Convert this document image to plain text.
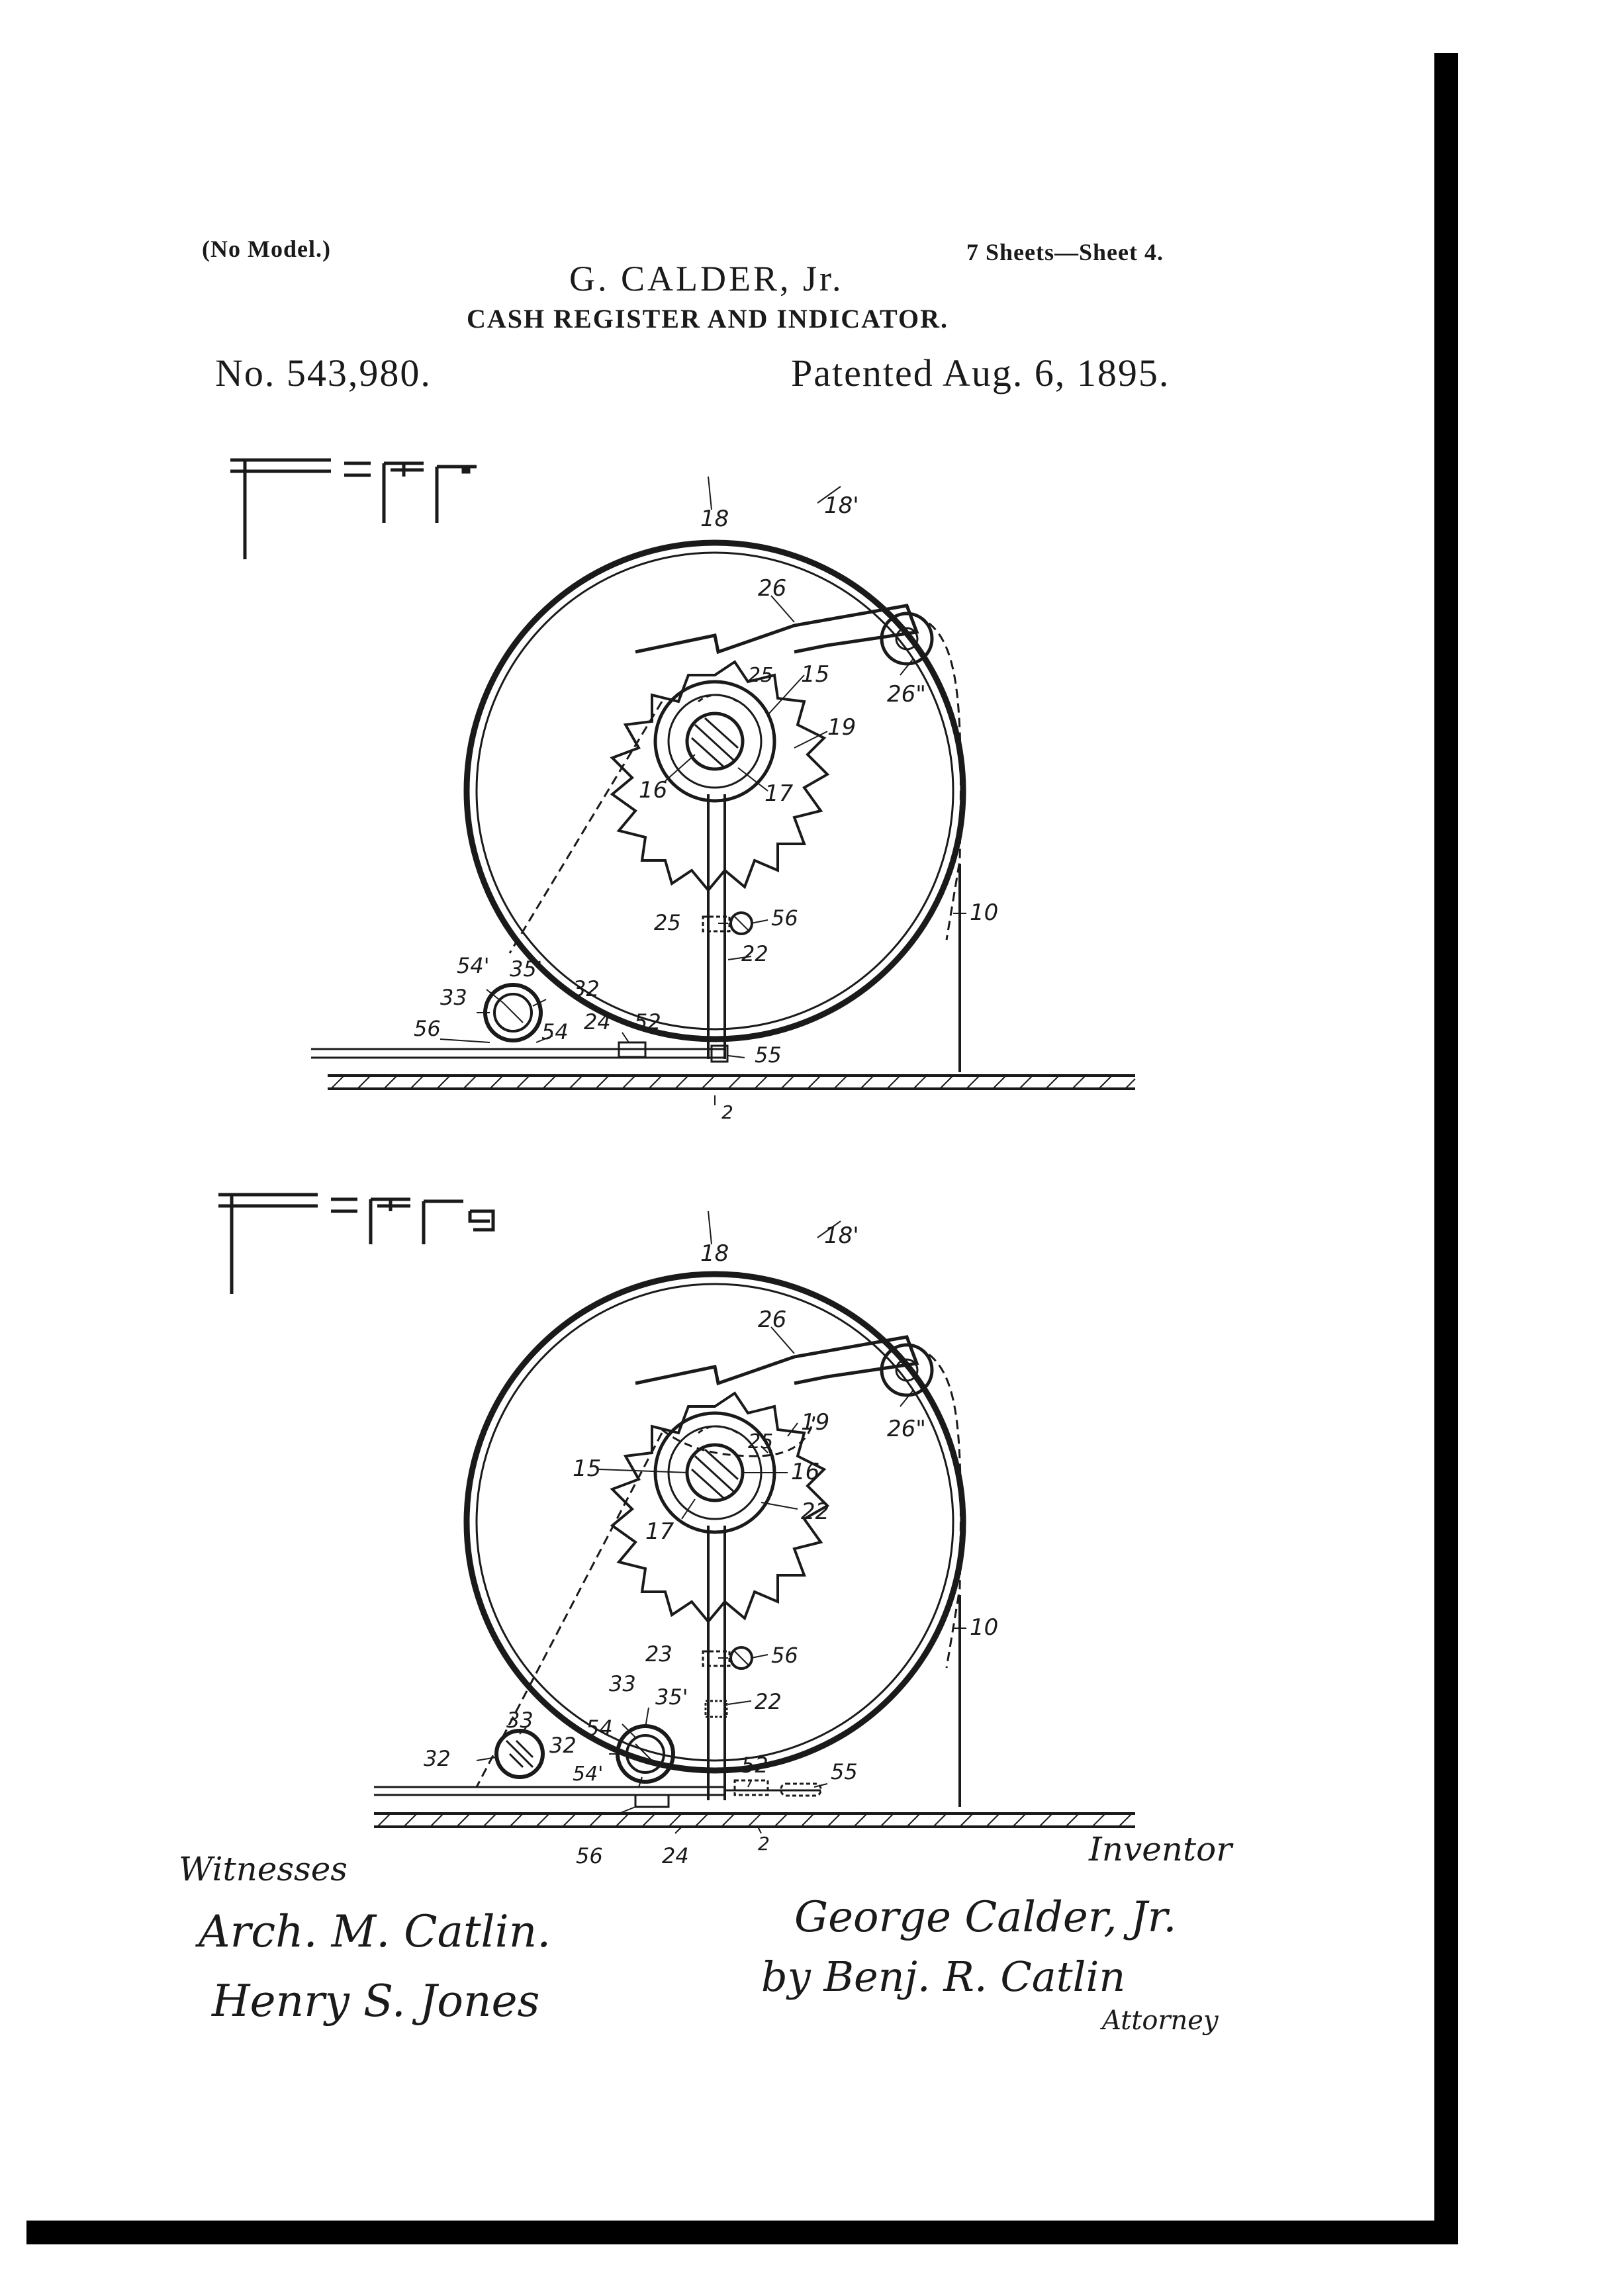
(No Model.)	7 Sheets—Sheet 4.
G. CALDER, Jr.
CASH REGISTER AND INDICATOR.
No. 543,980.	Patented Aug. 6, 1895.
FIG. 4.
18	18'
26
26"
25 15
19
16	17
10
25	56
22
54' 35'
33	32
56	54 24 52
55
2
FIG. 5.
18
18'
26
26"
19
25
15	16
22
17
10
23	56
22
33
35'
54
32
33
32
54'	52	55
56	24	2
Witnesses
Arch. M. Catlin.
Henry S. Jones
Inventor
George Calder, Jr.
by Benj. R. Catlin
Attorney
